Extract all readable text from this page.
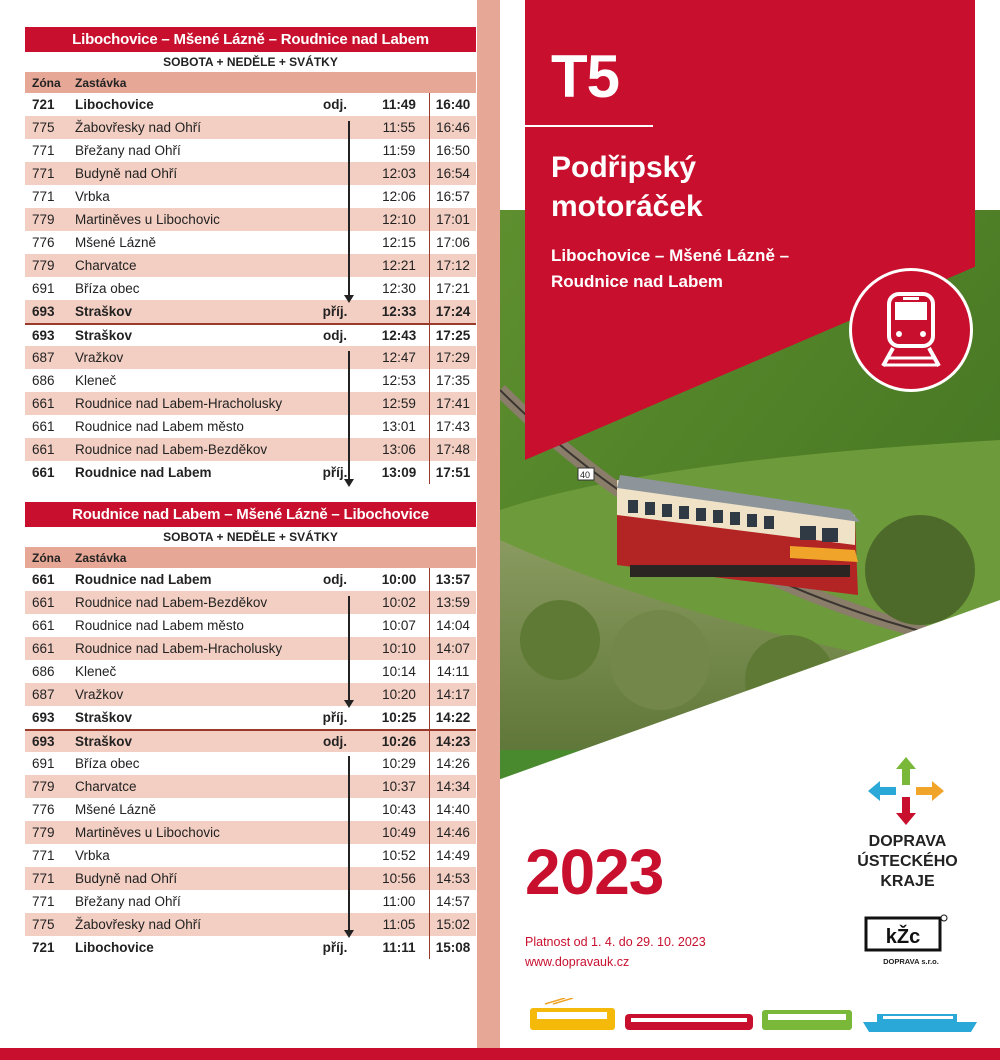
Libochovice – Mšené Lázně – Roudnice nad Labem
SOBOTA + NEDĚLE + SVÁTKY
Zóna	Zastávka
721	Libochovice	odj.	11:49	16:40
775	Žabovřesky nad Ohří	11:55	16:46
771	Břežany nad Ohří	11:59	16:50
771	Budyně nad Ohří	12:03	16:54
771	Vrbka	12:06	16:57
779	Martiněves u Libochovic	12:10	17:01
776	Mšené Lázně	12:15	17:06
779	Charvatce	12:21	17:12
691	Bříza obec	12:30	17:21
693	Straškov	příj.	12:33	17:24
693	Straškov	odj.	12:43	17:25
687	Vražkov	12:47	17:29
686	Kleneč	12:53	17:35
661	Roudnice nad Labem-Hracholusky	12:59	17:41
661	Roudnice nad Labem město	13:01	17:43
661	Roudnice nad Labem-Bezděkov	13:06	17:48
661	Roudnice nad Labem	příj.	13:09	17:51
Roudnice nad Labem – Mšené Lázně – Libochovice
SOBOTA + NEDĚLE + SVÁTKY
Zóna	Zastávka
661	Roudnice nad Labem	odj.	10:00	13:57
661	Roudnice nad Labem-Bezděkov	10:02	13:59
661	Roudnice nad Labem město	10:07	14:04
661	Roudnice nad Labem-Hracholusky	10:10	14:07
686	Kleneč	10:14	14:11
687	Vražkov	10:20	14:17
693	Straškov	příj.	10:25	14:22
693	Straškov	odj.	10:26	14:23
691	Bříza obec	10:29	14:26
779	Charvatce	10:37	14:34
776	Mšené Lázně	10:43	14:40
779	Martiněves u Libochovic	10:49	14:46
771	Vrbka	10:52	14:49
771	Budyně nad Ohří	10:56	14:53
771	Břežany nad Ohří	11:00	14:57
775	Žabovřesky nad Ohří	11:05	15:02
721	Libochovice	příj.	11:11	15:08
40
T5
Podřipský motoráček
Libochovice – Mšené Lázně – Roudnice nad Labem
2023
Platnost od 1. 4. do 29. 10. 2023
www.dopravauk.cz
DOPRAVA
ÚSTECKÉHO
KRAJE
kŽc
DOPRAVA s.r.o.
